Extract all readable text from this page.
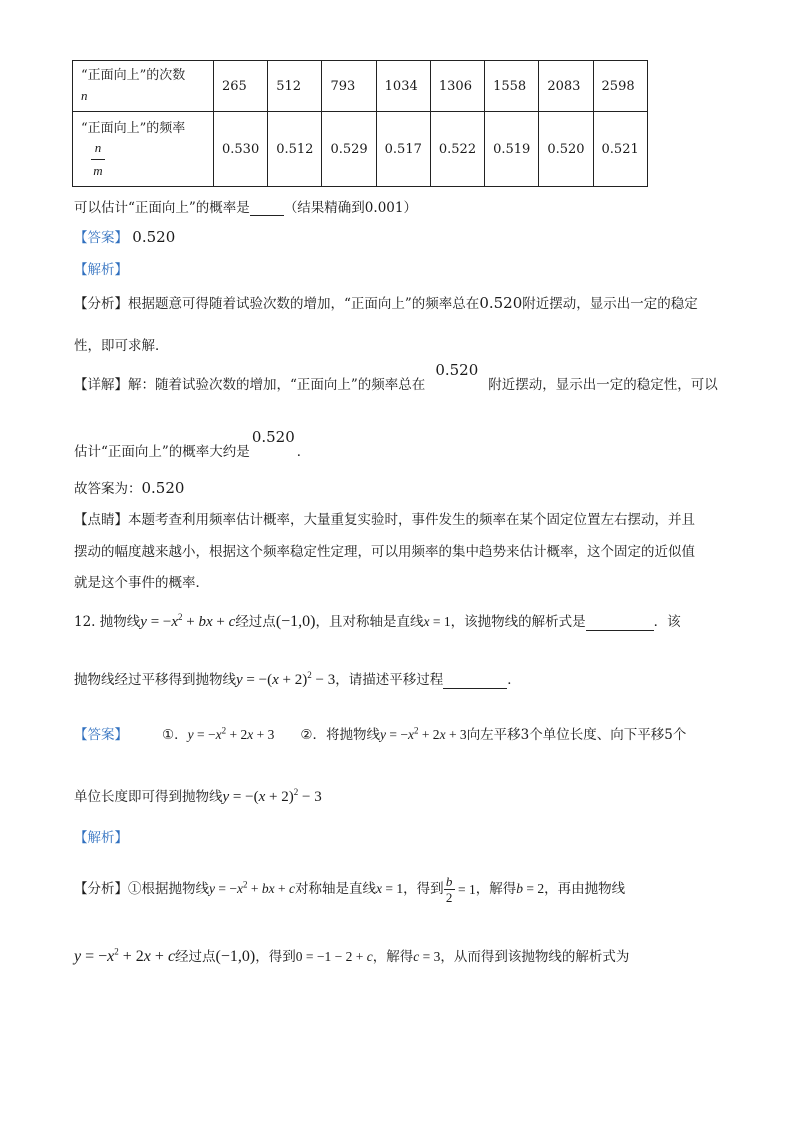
“正面向上”的次数
n	265	512	793	1034	1306	1558	2083	2598
“正面向上”的频率

$\frac{n}{m}$	0.530	0.512	0.529	0.517	0.522	0.519	0.520	0.521
可以估计“正面向上”的概率是	（结果精确到0.001）
【答案】 0.520
【解析】
【分析】根据题意可得随着试验次数的增加，“正面向上”的频率总在0.520附近摆动，显示出一定的稳定
性，即可求解．
【详解】解：随着试验次数的增加，“正面向上”的频率总在0.520附近摆动，显示出一定的稳定性，可以
估计“正面向上”的概率大约是0.520．
故答案为：0.520
【点睛】本题考查利用频率估计概率，大量重复实验时，事件发生的频率在某个固定位置左右摆动，并且
摆动的幅度越来越小，根据这个频率稳定性定理，可以用频率的集中趋势来估计概率，这个固定的近似值
就是这个事件的概率．
12. 抛物线$y = -x^2$ + bx + c经过点(−1,0)，且对称轴是直线x = 1，该抛物线的解析式是	．该
抛物线经过平移得到抛物线$y = -(x + 2)^2 - 3$，请描述平移过程	．
【答案】	①．$y = -x^2 + 2x + 3$ ②．将抛物线$y = -x^2 + 2x + 3$向左平移3个单位长度、向下平移5个
单位长度即可得到抛物线$y = -(x + 2)^2 - 3$
【解析】
【分析】①根据抛物线$y = -x^2$ + bx + c对称轴是直线x = 1，得到 b
2
= 1，解得b = 2，再由抛物线
$y = -x^2 + 2x + c$经过点(−1,0)，得到0 = −1 − 2 + c，解得c = 3，从而得到该抛物线的解析式为
